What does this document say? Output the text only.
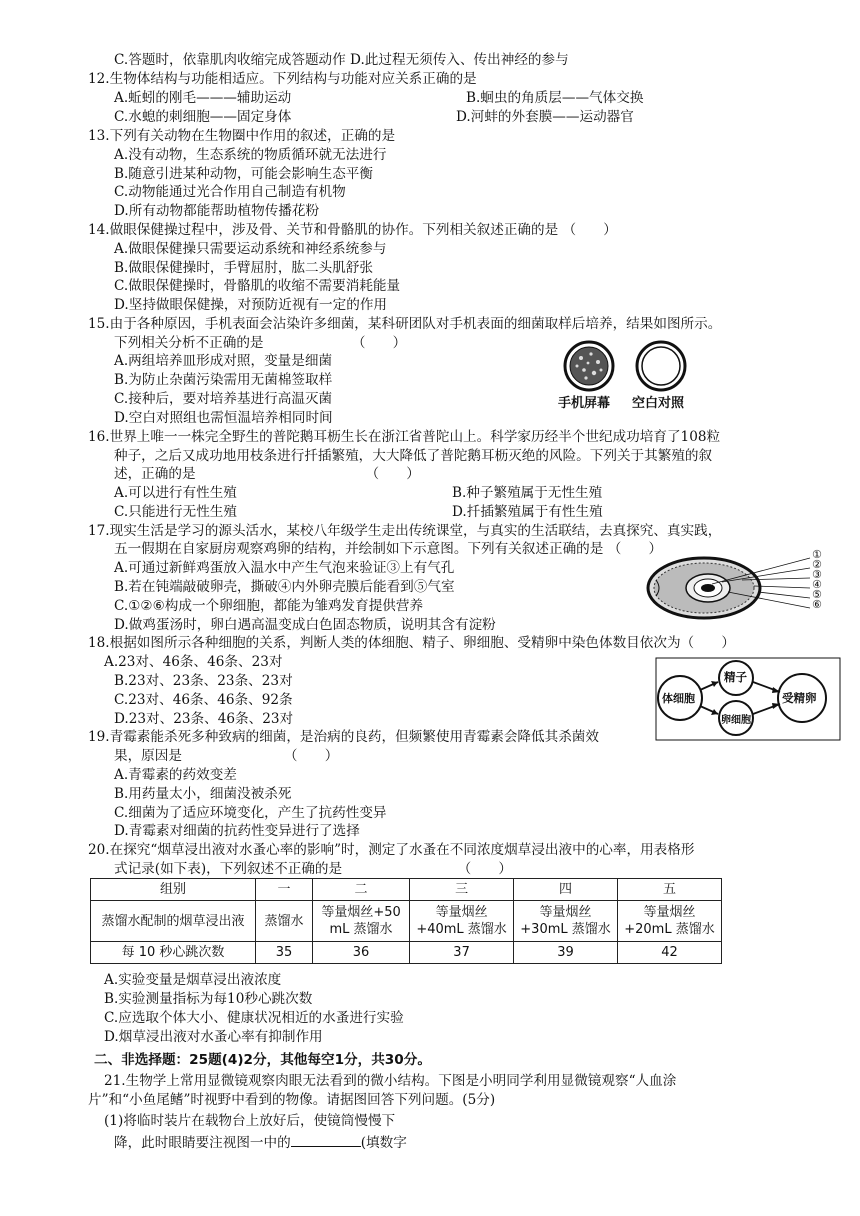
C.答题时，依靠肌肉收缩完成答题动作 D.此过程无须传入、传出神经的参与
12.生物体结构与功能相适应。下列结构与功能对应关系正确的是
A.蚯蚓的刚毛———辅助运动	B.蛔虫的角质层——气体交换
C.水螅的刺细胞——固定身体	D.河蚌的外套膜——运动器官
13.下列有关动物在生物圈中作用的叙述，正确的是
A.没有动物，生态系统的物质循环就无法进行
B.随意引进某种动物，可能会影响生态平衡
C.动物能通过光合作用自己制造有机物
D.所有动物都能帮助植物传播花粉
14.做眼保健操过程中，涉及骨、关节和骨骼肌的协作。下列相关叙述正确的是 （　　）
A.做眼保健操只需要运动系统和神经系统参与
B.做眼保健操时，手臂屈肘，肱二头肌舒张
C.做眼保健操时，骨骼肌的收缩不需要消耗能量
D.坚持做眼保健操，对预防近视有一定的作用
15.由于各种原因，手机表面会沾染许多细菌，某科研团队对手机表面的细菌取样后培养，结果如图所示。
下列相关分析不正确的是　　　　　　　（　　）
A.两组培养皿形成对照，变量是细菌
B.为防止杂菌污染需用无菌棉签取样
C.接种后，要对培养基进行高温灭菌
D.空白对照组也需恒温培养相同时间
16.世界上唯一一株完全野生的普陀鹅耳枥生长在浙江省普陀山上。科学家历经半个世纪成功培育了108粒
种子，之后又成功地用枝条进行扦插繁殖，大大降低了普陀鹅耳枥灭绝的风险。下列关于其繁殖的叙
述，正确的是　　　　　　　　　　　　　（　　）
A.可以进行有性生殖	B.种子繁殖属于无性生殖
C.只能进行无性生殖	D.扦插繁殖属于有性生殖
17.现实生活是学习的源头活水，某校八年级学生走出传统课堂，与真实的生活联结，去真探究、真实践，
五一假期在自家厨房观察鸡卵的结构，并绘制如下示意图。下列有关叙述正确的是 （　　）
A.可通过新鲜鸡蛋放入温水中产生气泡来验证③上有气孔
B.若在钝端敲破卵壳，撕破④内外卵壳膜后能看到⑤气室
C.①②⑥构成一个卵细胞，都能为雏鸡发育提供营养
D.做鸡蛋汤时，卵白遇高温变成白色固态物质，说明其含有淀粉
18.根据如图所示各种细胞的关系，判断人类的体细胞、精子、卵细胞、受精卵中染色体数目依次为（　　）
A.23对、46条、46条、23对
B.23对、23条、23条、23对
C.23对、46条、46条、92条
D.23对、23条、46条、23对
19.青霉素能杀死多种致病的细菌，是治病的良药，但频繁使用青霉素会降低其杀菌效
果，原因是　　　　　　　　（　　）
A.青霉素的药效变差
B.用药量太小，细菌没被杀死
C.细菌为了适应环境变化，产生了抗药性变异
D.青霉素对细菌的抗药性变异进行了选择
20.在探究“烟草浸出液对水蚤心率的影响”时，测定了水蚤在不同浓度烟草浸出液中的心率，用表格形
式记录(如下表)，下列叙述不正确的是　　　　　　　　　（　　）
A.实验变量是烟草浸出液浓度
B.实验测量指标为每10秒心跳次数
C.应选取个体大小、健康状况相近的水蚤进行实验
D.烟草浸出液对水蚤心率有抑制作用
21.生物学上常用显微镜观察肉眼无法看到的微小结构。下图是小明同学利用显微镜观察“人血涂
片”和“小鱼尾鳍”时视野中看到的物像。请据图回答下列问题。(5分)
(1)将临时装片在载物台上放好后，使镜筒慢慢下
二、非选择题：25题(4)2分，其他每空1分，共30分。
降，此时眼睛要注视图一中的	(填数字
组别	一	二	三	四	五
蒸馏水配制的烟草浸出液	蒸馏水	等量烟丝+50 mL 蒸馏水	等量烟丝+40mL 蒸馏水	等量烟丝+30mL 蒸馏水	等量烟丝+20mL 蒸馏水
每 10 秒心跳次数	35	36	37	39	42
手机屏幕 空白对照
①
②
③
④
⑤
⑥
体细胞
精子
卵细胞
受精卵
